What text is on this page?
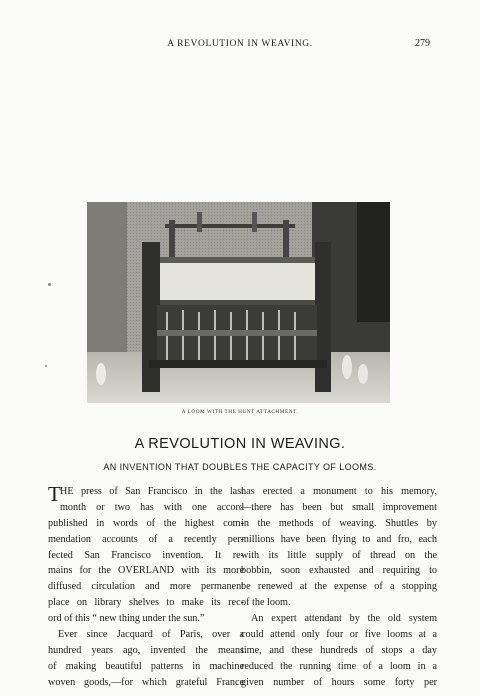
A REVOLUTION IN WEAVING.	279
A LOOM WITH THE HUNT ATTACHMENT.
A REVOLUTION IN WEAVING.
AN INVENTION THAT DOUBLES THE CAPACITY OF LOOMS.
T HE press of San Francisco in the last
month or two has with one accord
published in words of the highest com-
mendation accounts of a recently per-
fected San Francisco invention. It re-
mains for the OVERLAND with its more
diffused circulation and more permanent
place on library shelves to make its rec-
ord of this “ new thing under the sun.”
Ever since Jacquard of Paris, over a
hundred years ago, invented the means
of making beautiful patterns in machine
woven goods,—for which grateful France
has erected a monument to his memory,
—there has been but small improvement
in the methods of weaving. Shuttles by
millions have been flying to and fro, each
with its little supply of thread on the
bobbin, soon exhausted and requiring to
be renewed at the expense of a stopping
of the loom.
An expert attendant by the old system
could attend only four or five looms at a
time, and these hundreds of stops a day
reduced the running time of a loom in a
given number of hours some forty per
